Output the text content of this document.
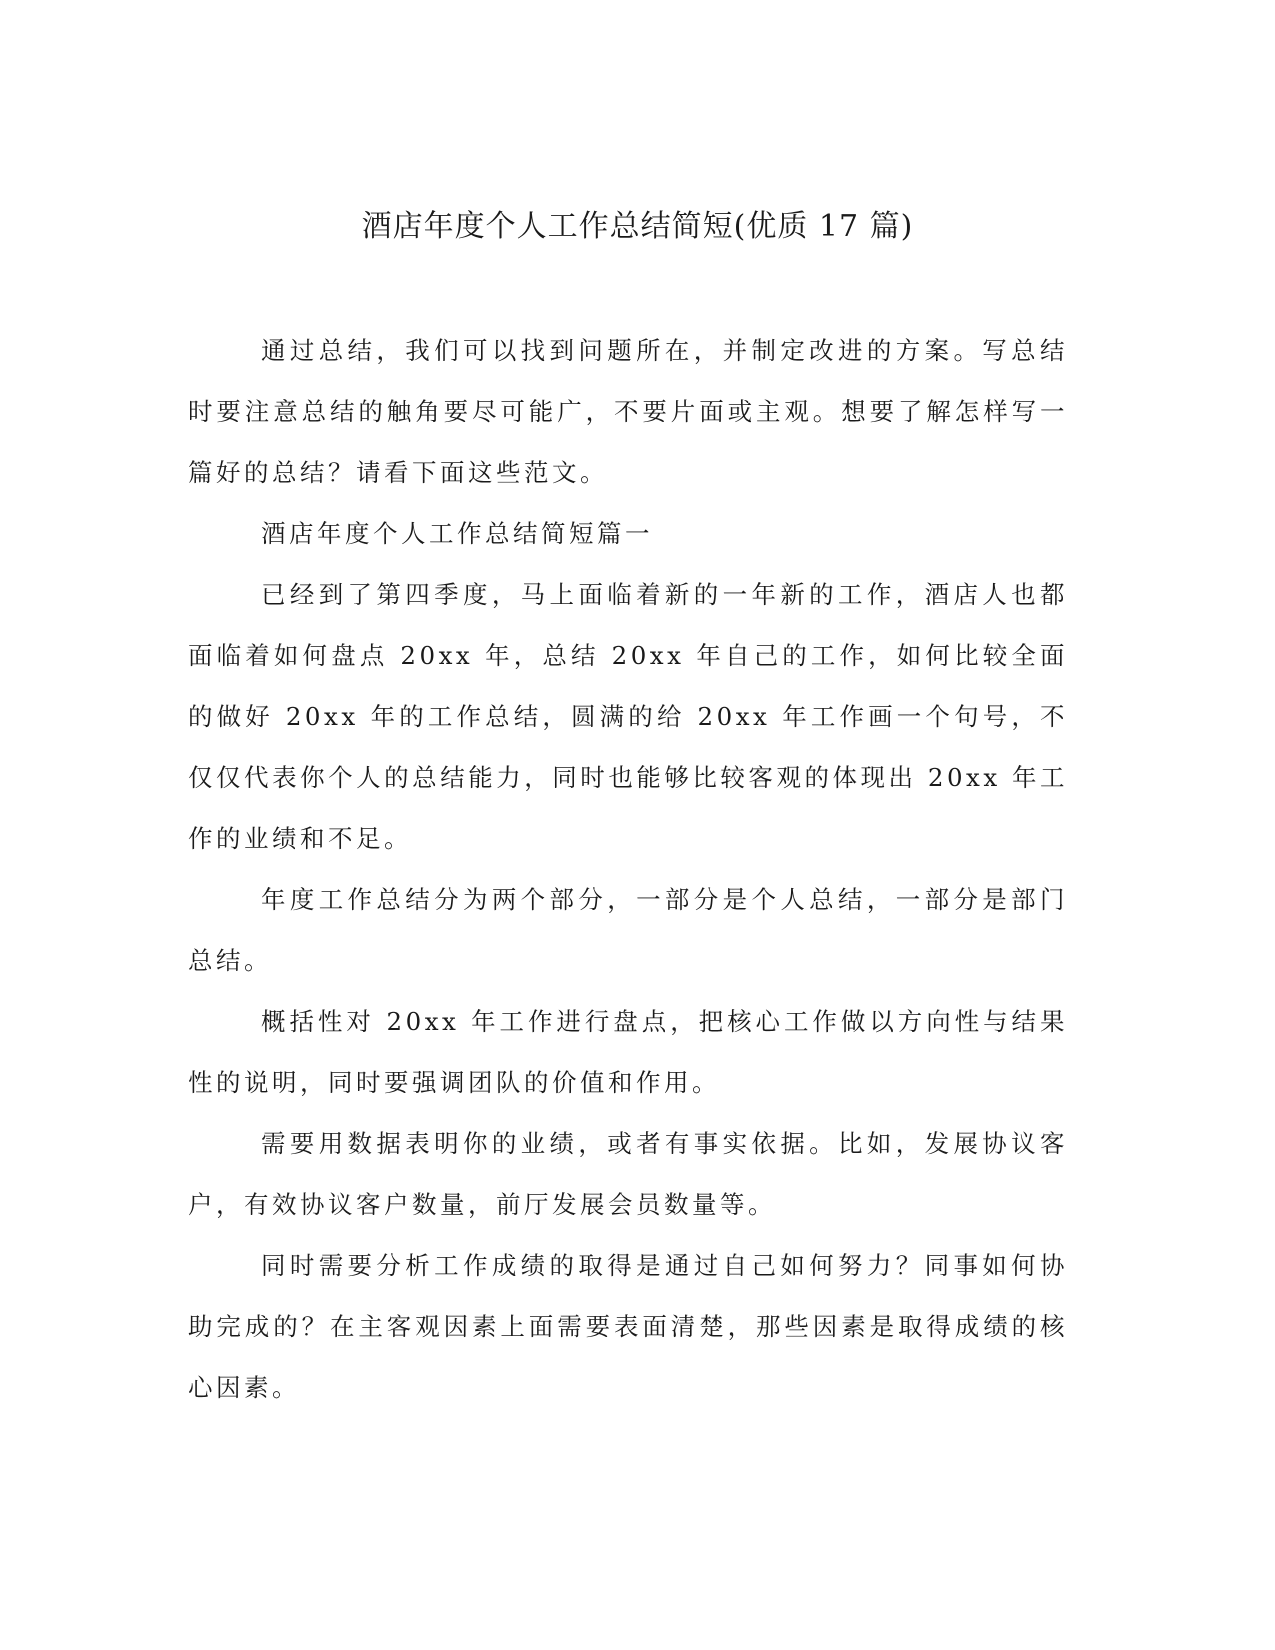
酒店年度个人工作总结简短(优质 17 篇)

通过总结，我们可以找到问题所在，并制定改进的方案。写总结时要注意总结的触角要尽可能广，不要片面或主观。想要了解怎样写一篇好的总结？请看下面这些范文。

酒店年度个人工作总结简短篇一

已经到了第四季度，马上面临着新的一年新的工作，酒店人也都面临着如何盘点 20xx 年，总结 20xx 年自己的工作，如何比较全面的做好 20xx 年的工作总结，圆满的给 20xx 年工作画一个句号，不仅仅代表你个人的总结能力，同时也能够比较客观的体现出 20xx 年工作的业绩和不足。

年度工作总结分为两个部分，一部分是个人总结，一部分是部门总结。

概括性对 20xx 年工作进行盘点，把核心工作做以方向性与结果性的说明，同时要强调团队的价值和作用。

需要用数据表明你的业绩，或者有事实依据。比如，发展协议客户，有效协议客户数量，前厅发展会员数量等。

同时需要分析工作成绩的取得是通过自己如何努力？同事如何协助完成的？在主客观因素上面需要表面清楚，那些因素是取得成绩的核心因素。
